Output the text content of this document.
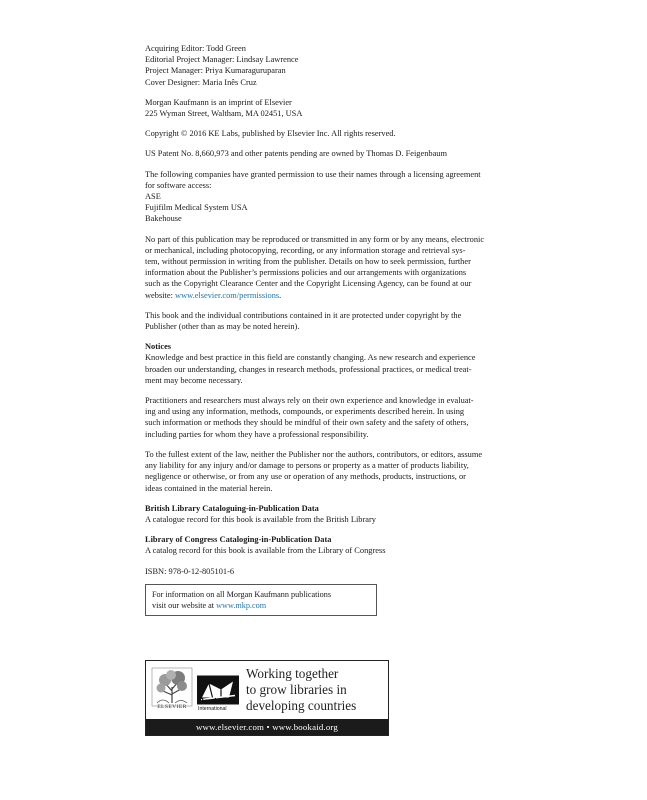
Acquiring Editor: Todd Green
Editorial Project Manager: Lindsay Lawrence
Project Manager: Priya Kumaraguruparan
Cover Designer: Maria Inês Cruz
Morgan Kaufmann is an imprint of Elsevier
225 Wyman Street, Waltham, MA 02451, USA
Copyright © 2016 KE Labs, published by Elsevier Inc. All rights reserved.
US Patent No. 8,660,973 and other patents pending are owned by Thomas D. Feigenbaum
The following companies have granted permission to use their names through a licensing agreement
for software access:
ASE
Fujifilm Medical System USA
Bakehouse
No part of this publication may be reproduced or transmitted in any form or by any means, electronic
or mechanical, including photocopying, recording, or any information storage and retrieval sys-
tem, without permission in writing from the publisher. Details on how to seek permission, further
information about the Publisher’s permissions policies and our arrangements with organizations
such as the Copyright Clearance Center and the Copyright Licensing Agency, can be found at our
website: www.elsevier.com/permissions.
This book and the individual contributions contained in it are protected under copyright by the
Publisher (other than as may be noted herein).
Notices
Knowledge and best practice in this field are constantly changing. As new research and experience
broaden our understanding, changes in research methods, professional practices, or medical treat-
ment may become necessary.
Practitioners and researchers must always rely on their own experience and knowledge in evaluat-
ing and using any information, methods, compounds, or experiments described herein. In using
such information or methods they should be mindful of their own safety and the safety of others,
including parties for whom they have a professional responsibility.
To the fullest extent of the law, neither the Publisher nor the authors, contributors, or editors, assume
any liability for any injury and/or damage to persons or property as a matter of products liability,
negligence or otherwise, or from any use or operation of any methods, products, instructions, or
ideas contained in the material herein.
British Library Cataloguing-in-Publication Data
A catalogue record for this book is available from the British Library
Library of Congress Cataloging-in-Publication Data
A catalog record for this book is available from the Library of Congress
ISBN: 978-0-12-805101-6
For information on all Morgan Kaufmann publications
visit our website at www.mkp.com
ELSEVIER
Book Aid
International
Working together
to grow libraries in
developing countries
www.elsevier.com • www.bookaid.org
